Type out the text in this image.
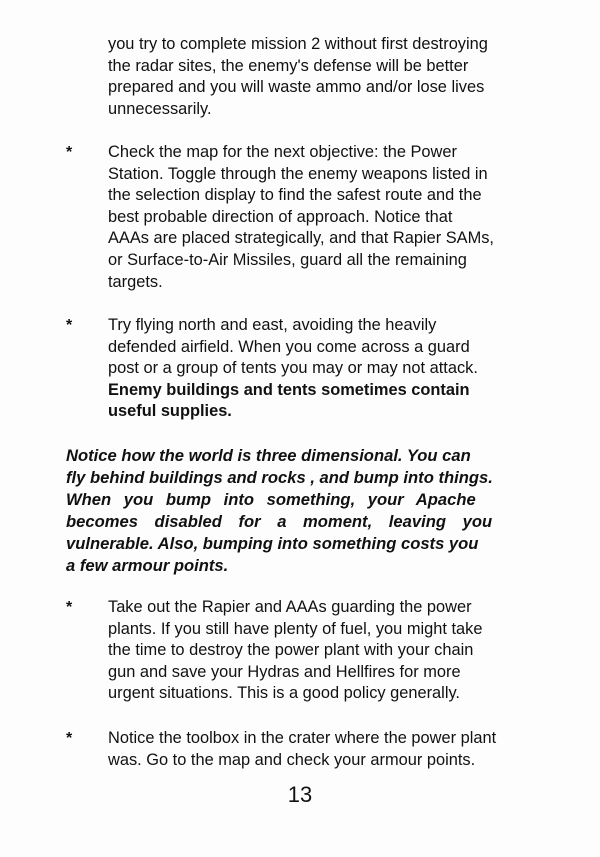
you try to complete mission 2 without first destroying
the radar sites, the enemy's defense will be better
prepared and you will waste ammo and/or lose lives
unnecessarily.
* Check the map for the next objective: the Power
Station. Toggle through the enemy weapons listed in
the selection display to find the safest route and the
best probable direction of approach. Notice that
AAAs are placed strategically, and that Rapier SAMs,
or Surface-to-Air Missiles, guard all the remaining
targets.
* Try flying north and east, avoiding the heavily
defended airfield. When you come across a guard
post or a group of tents you may or may not attack.
Enemy buildings and tents sometimes contain
useful supplies.
Notice how the world is three dimensional. You can
fly behind buildings and rocks , and bump into things.
When you bump into something, your Apache
becomes disabled for a moment, leaving you
vulnerable. Also, bumping into something costs you
a few armour points.
* Take out the Rapier and AAAs guarding the power
plants. If you still have plenty of fuel, you might take
the time to destroy the power plant with your chain
gun and save your Hydras and Hellfires for more
urgent situations. This is a good policy generally.
* Notice the toolbox in the crater where the power plant
was. Go to the map and check your armour points.
13
